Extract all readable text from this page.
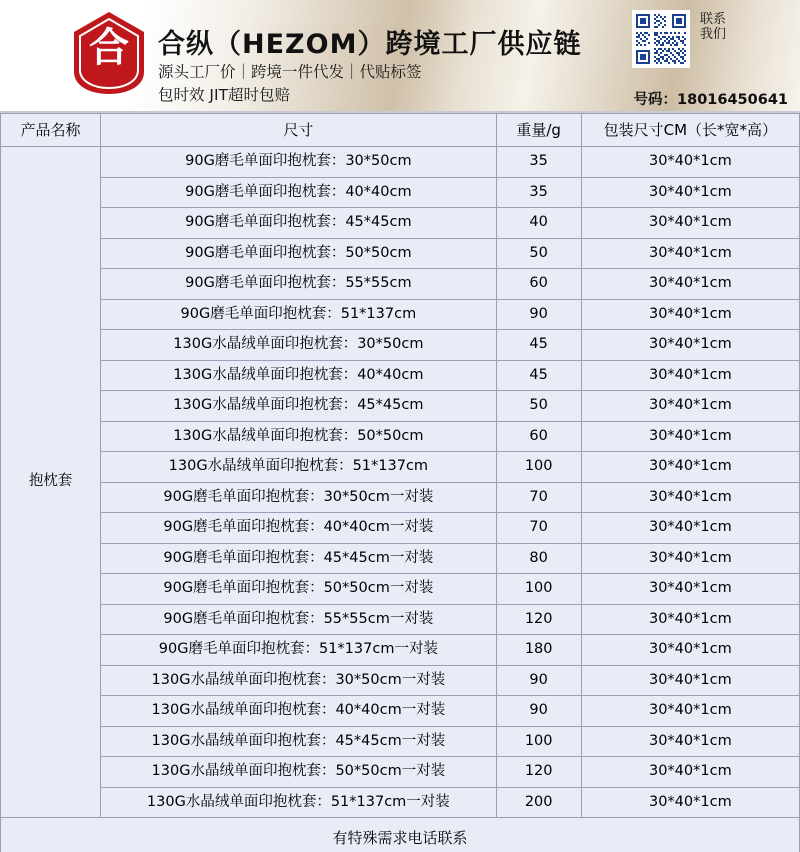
合	合纵（HEZOM）跨境工厂供应链
源头工厂价｜跨境一件代发｜代贴标签
包时效 JIT超时包赔
联系我们
号码：18016450641
产品名称	尺寸	重量/g	包装尺寸CM（长*宽*高）
抱枕套	90G磨毛单面印抱枕套：30*50cm	35	30*40*1cm
	90G磨毛单面印抱枕套：40*40cm	35	30*40*1cm
	90G磨毛单面印抱枕套：45*45cm	40	30*40*1cm
	90G磨毛单面印抱枕套：50*50cm	50	30*40*1cm
	90G磨毛单面印抱枕套：55*55cm	60	30*40*1cm
	90G磨毛单面印抱枕套：51*137cm	90	30*40*1cm
	130G水晶绒单面印抱枕套：30*50cm	45	30*40*1cm
	130G水晶绒单面印抱枕套：40*40cm	45	30*40*1cm
	130G水晶绒单面印抱枕套：45*45cm	50	30*40*1cm
	130G水晶绒单面印抱枕套：50*50cm	60	30*40*1cm
	130G水晶绒单面印抱枕套：51*137cm	100	30*40*1cm
	90G磨毛单面印抱枕套：30*50cm一对装	70	30*40*1cm
	90G磨毛单面印抱枕套：40*40cm一对装	70	30*40*1cm
	90G磨毛单面印抱枕套：45*45cm一对装	80	30*40*1cm
	90G磨毛单面印抱枕套：50*50cm一对装	100	30*40*1cm
	90G磨毛单面印抱枕套：55*55cm一对装	120	30*40*1cm
	90G磨毛单面印抱枕套：51*137cm一对装	180	30*40*1cm
	130G水晶绒单面印抱枕套：30*50cm一对装	90	30*40*1cm
	130G水晶绒单面印抱枕套：40*40cm一对装	90	30*40*1cm
	130G水晶绒单面印抱枕套：45*45cm一对装	100	30*40*1cm
	130G水晶绒单面印抱枕套：50*50cm一对装	120	30*40*1cm
	130G水晶绒单面印抱枕套：51*137cm一对装	200	30*40*1cm
有特殊需求电话联系			
